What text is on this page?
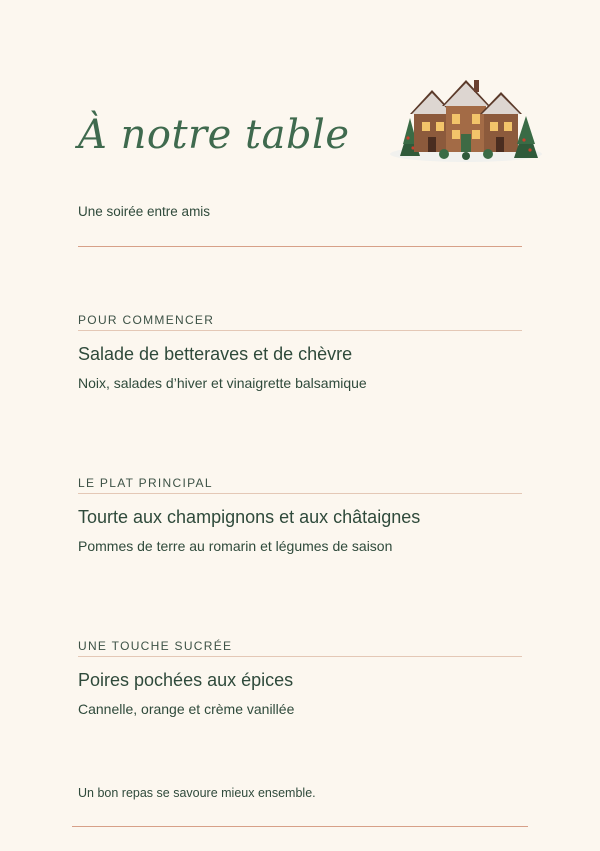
À notre table
Une soirée entre amis
POUR COMMENCER
Salade de betteraves et de chèvre
Noix, salades d’hiver et vinaigrette balsamique
LE PLAT PRINCIPAL
Tourte aux champignons et aux châtaignes
Pommes de terre au romarin et légumes de saison
UNE TOUCHE SUCRÉE
Poires pochées aux épices
Cannelle, orange et crème vanillée
Un bon repas se savoure mieux ensemble.
